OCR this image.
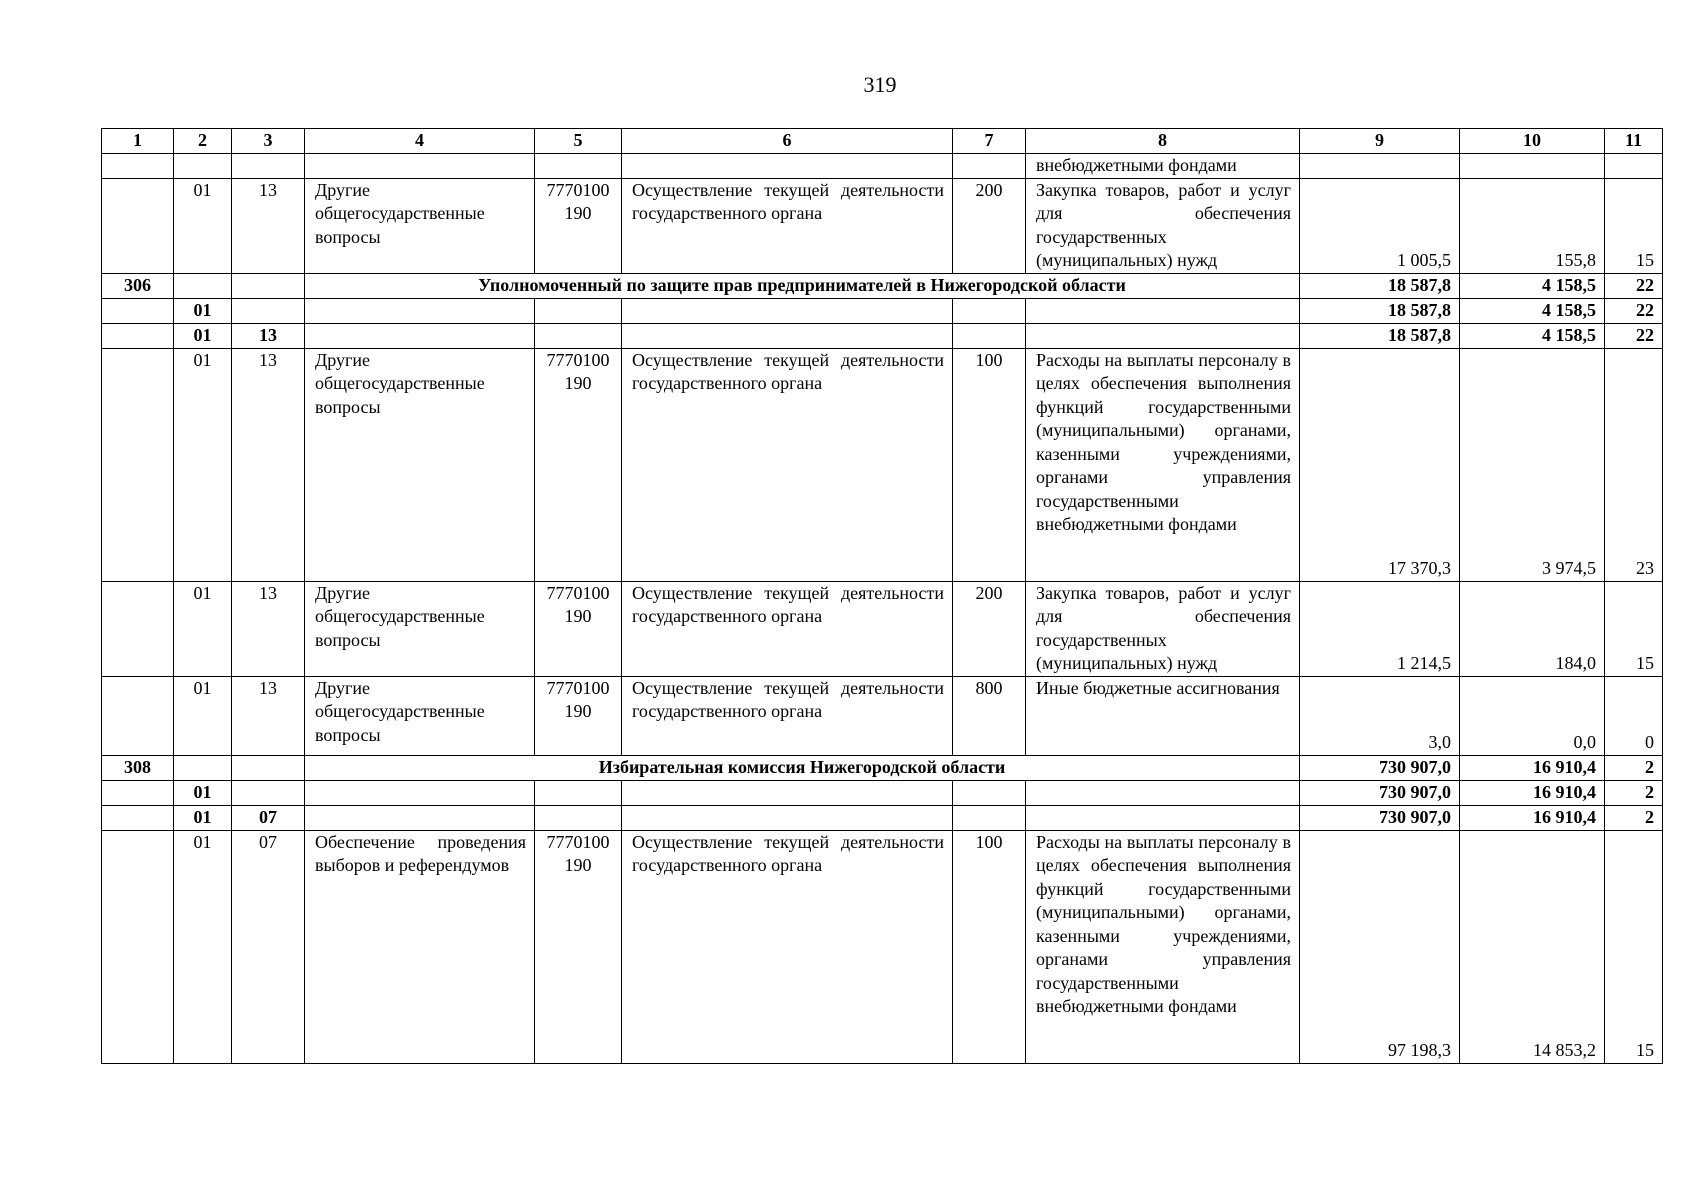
319
1	2	3	4	5	6	7	8	9	10	11
							внебюджетными фондами			
	01	13	Другие общегосударственные вопросы	7770100190	Осуществление текущей деятельности государственного органа	200	Закупка товаров, работ и услуг для обеспечения государственных (муниципальных) нужд	1 005,5	155,8	15
306			Уполномоченный по защите прав предпринимателей в Нижегородской области					18 587,8	4 158,5	22
	01							18 587,8	4 158,5	22
	01	13						18 587,8	4 158,5	22
	01	13	Другие общегосударственные вопросы	7770100190	Осуществление текущей деятельности государственного органа	100	Расходы на выплаты персоналу в целях обеспечения выполнения функций государственными (муниципальными) органами, казенными учреждениями, органами управления государственными внебюджетными фондами	17 370,3	3 974,5	23
	01	13	Другие общегосударственные вопросы	7770100190	Осуществление текущей деятельности государственного органа	200	Закупка товаров, работ и услуг для обеспечения государственных (муниципальных) нужд	1 214,5	184,0	15
	01	13	Другие общегосударственные вопросы	7770100190	Осуществление текущей деятельности государственного органа	800	Иные бюджетные ассигнования	3,0	0,0	0
308			Избирательная комиссия Нижегородской области					730 907,0	16 910,4	2
	01							730 907,0	16 910,4	2
	01	07						730 907,0	16 910,4	2
	01	07	Обеспечение проведения выборов и референдумов	7770100190	Осуществление текущей деятельности государственного органа	100	Расходы на выплаты персоналу в целях обеспечения выполнения функций государственными (муниципальными) органами, казенными учреждениями, органами управления государственными внебюджетными фондами	97 198,3	14 853,2	15
